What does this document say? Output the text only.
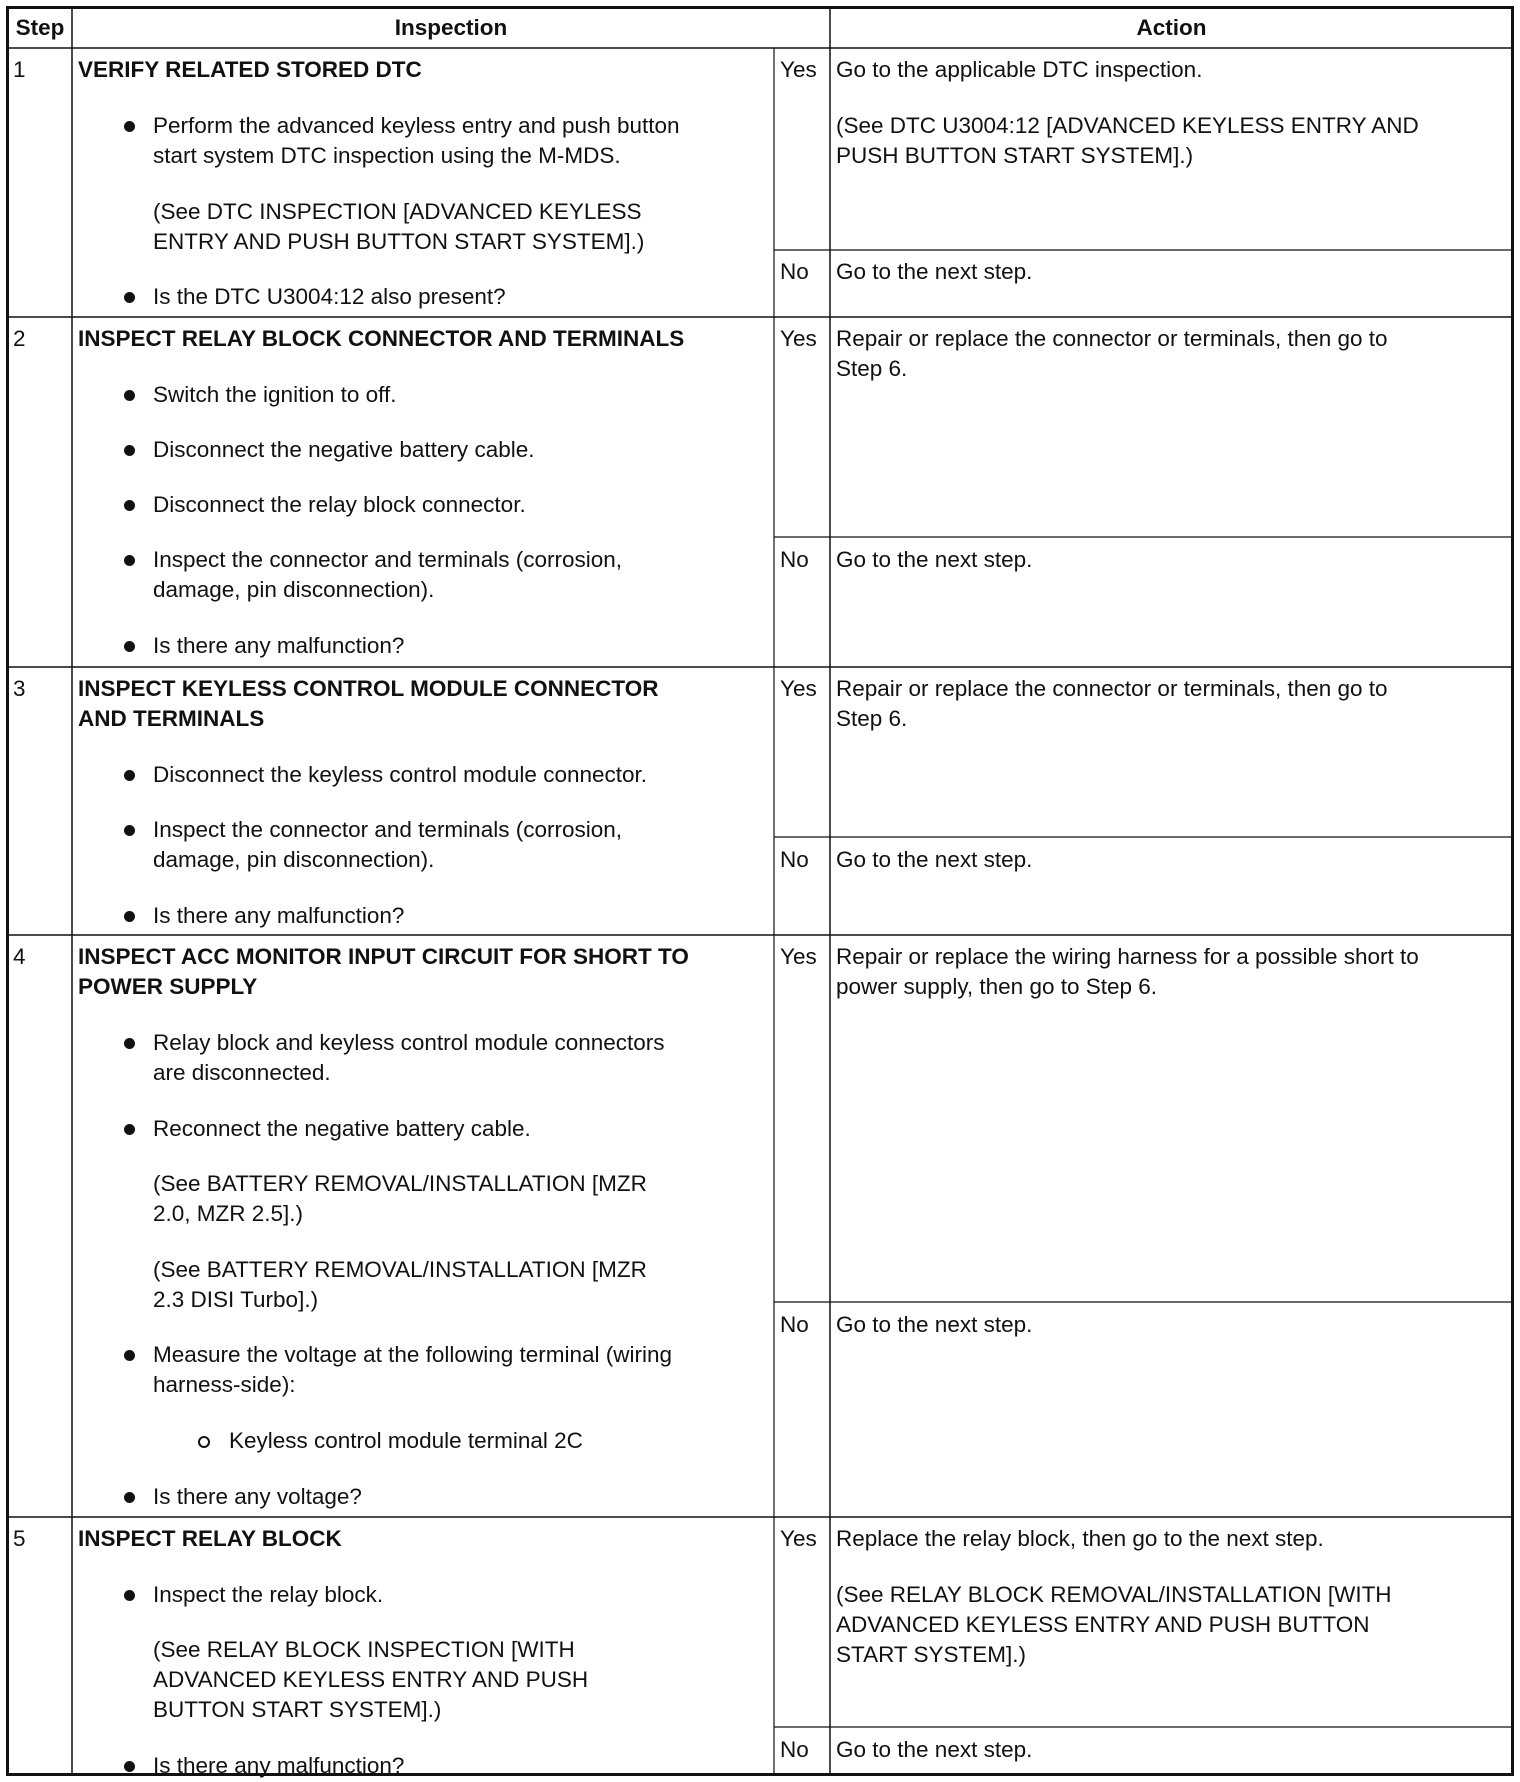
Step	Inspection	Action

1 VERIFY RELATED STORED DTC

Perform the advanced keyless entry and push button

start system DTC inspection using the M-MDS.

(See DTC INSPECTION [ADVANCED KEYLESS

ENTRY AND PUSH BUTTON START SYSTEM].)

Is the DTC U3004:12 also present?

Yes Go to the applicable DTC inspection.

(See DTC U3004:12 [ADVANCED KEYLESS ENTRY AND

PUSH BUTTON START SYSTEM].)

No Go to the next step.

2 INSPECT RELAY BLOCK CONNECTOR AND TERMINALS

Switch the ignition to off.

Disconnect the negative battery cable.

Disconnect the relay block connector.

Inspect the connector and terminals (corrosion,

damage, pin disconnection).

Is there any malfunction?

Yes Repair or replace the connector or terminals, then go to

Step 6.

No Go to the next step.

3 INSPECT KEYLESS CONTROL MODULE CONNECTOR

AND TERMINALS

Disconnect the keyless control module connector.

Inspect the connector and terminals (corrosion,

damage, pin disconnection).

Is there any malfunction?

Yes Repair or replace the connector or terminals, then go to

Step 6.

No Go to the next step.

4 INSPECT ACC MONITOR INPUT CIRCUIT FOR SHORT TO

POWER SUPPLY

Relay block and keyless control module connectors

are disconnected.

Reconnect the negative battery cable.

(See BATTERY REMOVAL/INSTALLATION [MZR

2.0, MZR 2.5].)

(See BATTERY REMOVAL/INSTALLATION [MZR

2.3 DISI Turbo].)

Measure the voltage at the following terminal (wiring

harness-side):

Keyless control module terminal 2C

Is there any voltage?

Yes Repair or replace the wiring harness for a possible short to

power supply, then go to Step 6.

No Go to the next step.

5 INSPECT RELAY BLOCK

Inspect the relay block.

(See RELAY BLOCK INSPECTION [WITH

ADVANCED KEYLESS ENTRY AND PUSH

BUTTON START SYSTEM].)

Is there any malfunction?

Yes Replace the relay block, then go to the next step.

(See RELAY BLOCK REMOVAL/INSTALLATION [WITH

ADVANCED KEYLESS ENTRY AND PUSH BUTTON

START SYSTEM].)

No Go to the next step.
